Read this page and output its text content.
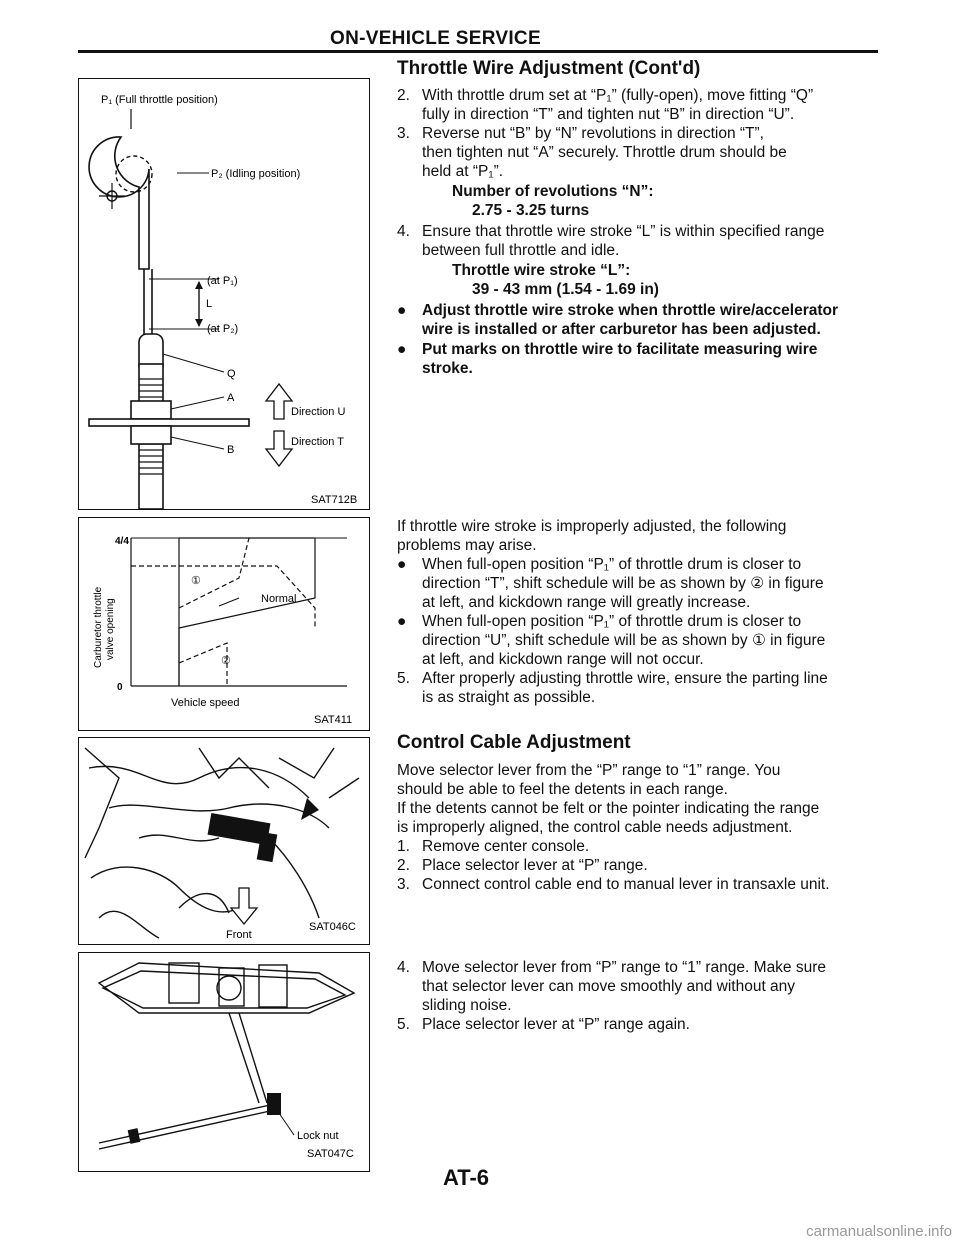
ON-VEHICLE SERVICE
Throttle Wire Adjustment (Cont'd)
2. With throttle drum set at “P₁” (fully-open), move fitting “Q”
fully in direction “T” and tighten nut “B” in direction “U”.
3. Reverse nut “B” by “N” revolutions in direction “T”,
then tighten nut “A” securely. Throttle drum should be
held at “P₁”.
Number of revolutions “N”:
2.75 - 3.25 turns
4. Ensure that throttle wire stroke “L” is within specified range
between full throttle and idle.
Throttle wire stroke “L”:
39 - 43 mm (1.54 - 1.69 in)
● Adjust throttle wire stroke when throttle wire/accelerator
wire is installed or after carburetor has been adjusted.
● Put marks on throttle wire to facilitate measuring wire
stroke.
If throttle wire stroke is improperly adjusted, the following
problems may arise.
● When full-open position “P₁” of throttle drum is closer to
direction “T”, shift schedule will be as shown by ② in figure
at left, and kickdown range will greatly increase.
● When full-open position “P₁” of throttle drum is closer to
direction “U”, shift schedule will be as shown by ① in figure
at left, and kickdown range will not occur.
5. After properly adjusting throttle wire, ensure the parting line
is as straight as possible.
Control Cable Adjustment
Move selector lever from the “P” range to “1” range. You
should be able to feel the detents in each range.
If the detents cannot be felt or the pointer indicating the range
is improperly aligned, the control cable needs adjustment.
1. Remove center console.
2. Place selector lever at “P” range.
3. Connect control cable end to manual lever in transaxle unit.
4. Move selector lever from “P” range to “1” range. Make sure
that selector lever can move smoothly and without any
sliding noise.
5. Place selector lever at “P” range again.
P₁ (Full throttle position)
P₂ (Idling position)
(at P₁)
L
(at P₂)
Q
A
B
Direction U
Direction T
SAT712B
4/4
0
Carburetor throttle valve opening	Normal
①
②
Vehicle speed
SAT411
Front
SAT046C
Lock nut
SAT047C
AT-6
carmanualsonline.info
